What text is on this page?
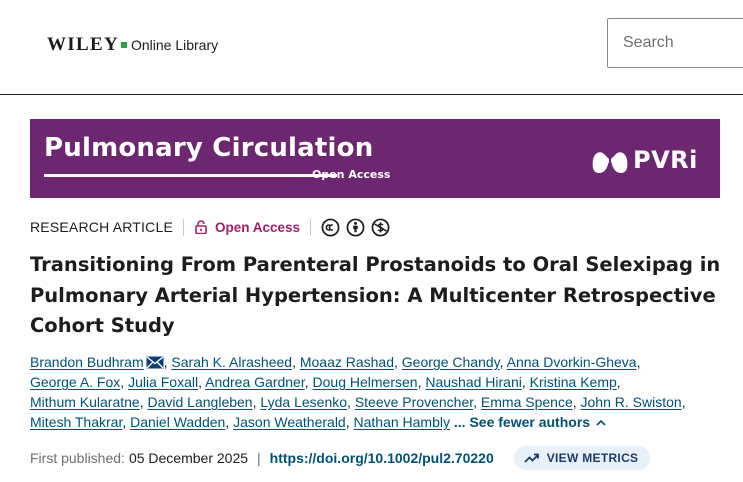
WILEY Online Library
Search
Pulmonary Circulation
Open Access
PVRi
RESEARCH ARTICLE	Open Access
Transitioning From Parenteral Prostanoids to Oral Selexipag in Pulmonary Arterial Hypertension: A Multicenter Retrospective Cohort Study
Brandon Budhram , Sarah K. Alrasheed, Moaaz Rashad, George Chandy, Anna Dvorkin-Gheva,
George A. Fox, Julia Foxall, Andrea Gardner, Doug Helmersen, Naushad Hirani, Kristina Kemp,
Mithum Kularatne, David Langleben, Lyda Lesenko, Steeve Provencher, Emma Spence, John R. Swiston,
Mitesh Thakrar, Daniel Wadden, Jason Weatherald, Nathan Hambly ... See fewer authors
First published: 05 December 2025 | https://doi.org/10.1002/pul2.70220	VIEW METRICS
